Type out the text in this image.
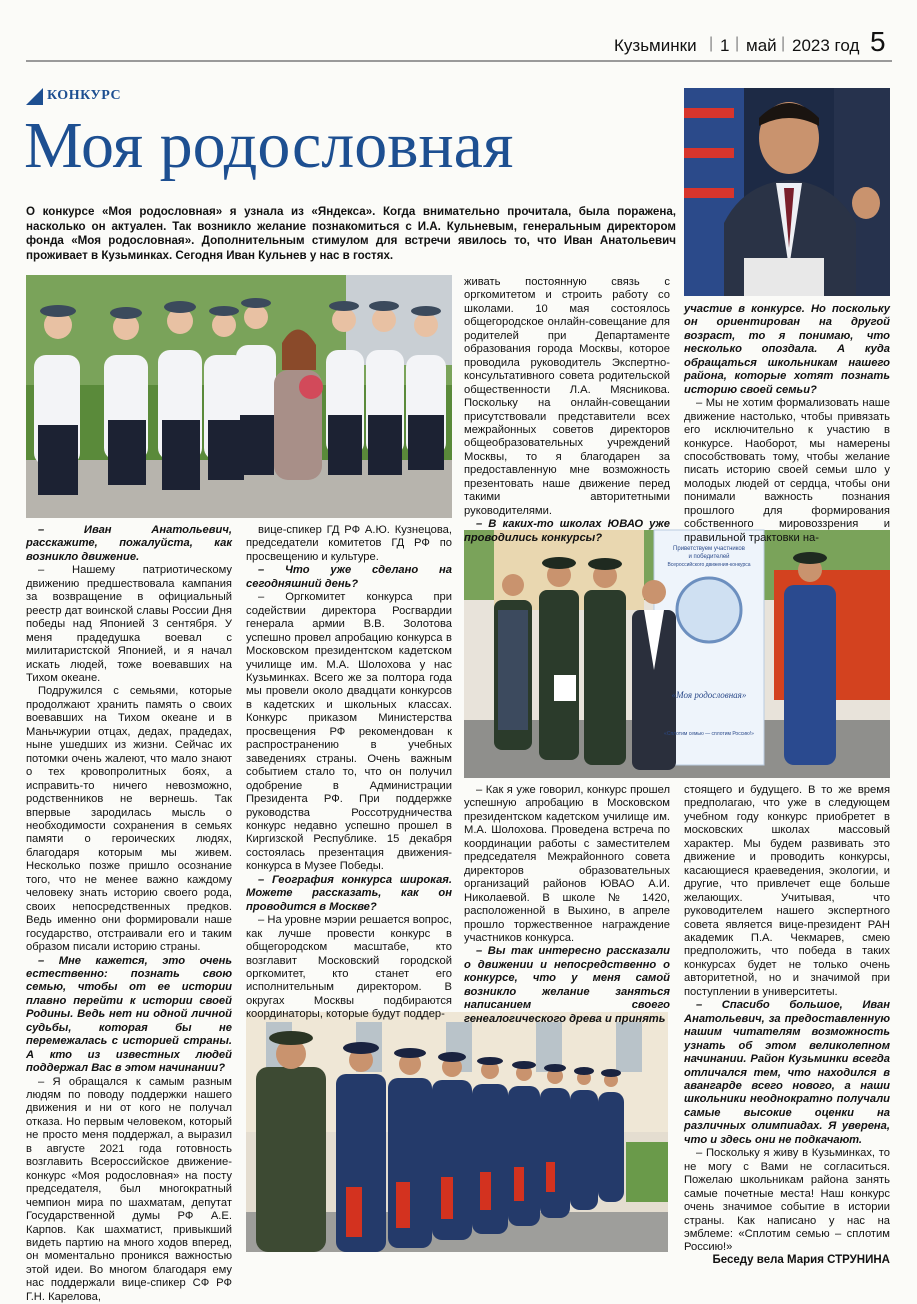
Кузьминки | 1 | май | 2023 год 5
КОНКУРС
Моя родословная
О конкурсе «Моя родословная» я узнала из «Яндекса». Когда внимательно прочитала, была поражена, насколько он актуален. Так возникло желание познакомиться с И.А. Кульневым, генеральным директором фонда «Моя родословная». Дополнительным стимулом для встречи явилось то, что Иван Анатольевич проживает в Кузьминках. Сегодня Иван Кульнев у нас в гостях.
Приветствуем участников
и победителей
Всероссийского движения-конкурса
«Моя родословная»
«Сплотим семью — сплотим Россию!»

– Иван Анатольевич, расскажите, пожалуйста, как возникло движение.

– Нашему патриотическому движению предшествовала кампания за возвращение в официальный реестр дат воинской славы России Дня победы над Японией 3 сентября. У меня прадедушка воевал с милитаристской Японией, и я начал искать людей, тоже воевавших на Тихом океане.

Подружился с семьями, которые продолжают хранить память о своих воевавших на Тихом океане и в Маньчжурии отцах, дедах, прадедах, ныне ушедших из жизни. Сейчас их потомки очень жалеют, что мало знают о тех кровопролитных боях, а исправить-то ничего невозможно, родственников не вернешь. Так впервые зародилась мысль о необходимости сохранения в семьях памяти о героических людях, благодаря которым мы живем. Несколько позже пришло осознание того, что не менее важно каждому человеку знать историю своего рода, своих непосредственных предков. Ведь именно они формировали наше государство, отстраивали его и таким образом писали историю страны.

– Мне кажется, это очень естественно: познать свою семью, чтобы от ее истории плавно перейти к истории своей Родины. Ведь нет ни одной личной судьбы, которая бы не перемежалась с историей страны. А кто из известных людей поддержал Вас в этом начинании?

– Я обращался к самым разным людям по поводу поддержки нашего движения и ни от кого не получал отказа. Но первым человеком, который не просто меня поддержал, а выразил в августе 2021 года готовность возглавить Всероссийское движение-конкурс «Моя родословная» на посту председателя, был многократный чемпион мира по шахматам, депутат Государственной думы РФ А.Е. Карпов. Как шахматист, привыкший видеть партию на много ходов вперед, он моментально проникся важностью этой идеи. Во многом благодаря ему нас поддержали вице-спикер СФ РФ Г.Н. Карелова,

вице-спикер ГД РФ А.Ю. Кузнецова, председатели комитетов ГД РФ по просвещению и культуре.

– Что уже сделано на сегодняшний день?

– Оргкомитет конкурса при содействии директора Росгвардии генерала армии В.В. Золотова успешно провел апробацию конкурса в Московском президентском кадетском училище им. М.А. Шолохова у нас Кузьминках. Всего же за полтора года мы провели около двадцати конкурсов в кадетских и школьных классах. Конкурс приказом Министерства просвещения РФ рекомендован к распространению в учебных заведениях страны. Очень важным событием стало то, что он получил одобрение в Администрации Президента РФ. При поддержке руководства Россотрудничества конкурс недавно успешно прошел в Киргизской Республике. 15 декабря состоялась презентация движения-конкурса в Музее Победы.

– География конкурса широкая. Можете рассказать, как он проводится в Москве?

– На уровне мэрии решается вопрос, как лучше провести конкурс в общегородском масштабе, кто возглавит Московский городской оргкомитет, кто станет его исполнительным директором. В округах Москвы подбираются координаторы, которые будут поддер-

живать постоянную связь с оргкомитетом и строить работу со школами. 10 мая состоялось общегородское онлайн-совещание для родителей при Департаменте образования города Москвы, которое проводила руководитель Экспертно-консультативного совета родительской общественности Л.А. Мясникова. Поскольку на онлайн-совещании присутствовали представители всех межрайонных советов директоров общеобразовательных учреждений Москвы, то я благодарен за предоставленную мне возможность презентовать наше движение перед такими авторитетными руководителями.

– В каких-то школах ЮВАО уже проводились конкурсы?

– Как я уже говорил, конкурс прошел успешную апробацию в Московском президентском кадетском училище им. М.А. Шолохова. Проведена встреча по координации работы с заместителем председателя Межрайонного совета директоров образовательных организаций районов ЮВАО А.И. Николаевой. В школе № 1420, расположенной в Выхино, в апреле прошло торжественное награждение участников конкурса.

– Вы так интересно рассказали о движении и непосредственно о конкурсе, что у меня самой возникло желание заняться написанием своего генеалогического древа и принять

участие в конкурсе. Но поскольку он ориентирован на другой возраст, то я понимаю, что несколько опоздала. А куда обращаться школьникам нашего района, которые хотят познать историю своей семьи?

– Мы не хотим формализовать наше движение настолько, чтобы привязать его исключительно к участию в конкурсе. Наоборот, мы намерены способствовать тому, чтобы желание писать историю своей семьи шло у молодых людей от сердца, чтобы они понимали важность познания прошлого для формирования собственного мировоззрения и правильной трактовки на-

стоящего и будущего. В то же время предполагаю, что уже в следующем учебном году конкурс приобретет в московских школах массовый характер. Мы будем развивать это движение и проводить конкурсы, касающиеся краеведения, экологии, и другие, что привлечет еще больше желающих. Учитывая, что руководителем нашего экспертного совета является вице-президент РАН академик П.А. Чекмарев, смею предположить, что победа в таких конкурсах будет не только очень авторитетной, но и значимой при поступлении в университеты.

– Спасибо большое, Иван Анатольевич, за предоставленную нашим читателям возможность узнать об этом великолепном начинании. Район Кузьминки всегда отличался тем, что находился в авангарде всего нового, а наши школьники неоднократно получали самые высокие оценки на различных олимпиадах. Я уверена, что и здесь они не подкачают.

– Поскольку я живу в Кузьминках, то не могу с Вами не согласиться. Пожелаю школьникам района занять самые почетные места! Наш конкурс очень значимое событие в истории страны. Как написано у нас на эмблеме: «Сплотим семью – сплотим Россию!»

Беседу вела Мария СТРУНИНА
